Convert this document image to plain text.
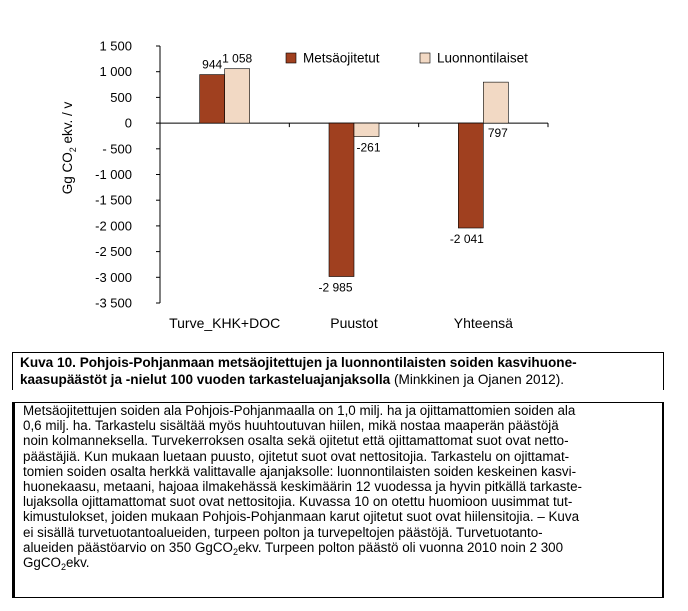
1 500
1 000
500
0
- 500
-1 000
-1 500
-2 000
-2 500
-3 000
-3 500
944 1 058
-2 985
-261
-2 041
797
Turve_KHK+DOC	Puustot	Yhteensä
Metsäojitetut	Luonnontilaiset
Gg $CO_2$ ekv. / v
Kuva 10. Pohjois-Pohjanmaan metsäojitettujen ja luonnontilaisten soiden kasvihuone-kaasupäästöt ja -nielut 100 vuoden tarkasteluajanjaksolla (Minkkinen ja Ojanen 2012).
Metsäojitettujen soiden ala Pohjois-Pohjanmaalla on 1,0 milj. ha ja ojittamattomien soiden ala
0,6 milj. ha. Tarkastelu sisältää myös huuhtoutuvan hiilen, mikä nostaa maaperän päästöjä
noin kolmanneksella. Turvekerroksen osalta sekä ojitetut että ojittamattomat suot ovat netto-
päästäjiä. Kun mukaan luetaan puusto, ojitetut suot ovat nettositojia. Tarkastelu on ojittamat-
tomien soiden osalta herkkä valittavalle ajanjaksolle: luonnontilaisten soiden keskeinen kasvi-
huonekaasu, metaani, hajoaa ilmakehässä keskimäärin 12 vuodessa ja hyvin pitkällä tarkaste-
lujaksolla ojittamattomat suot ovat nettositojia. Kuvassa 10 on otettu huomioon uusimmat tut-
kimustulokset, joiden mukaan Pohjois-Pohjanmaan karut ojitetut suot ovat hiilensitojia. – Kuva
ei sisällä turvetuotantoalueiden, turpeen polton ja turvepeltojen päästöjä. Turvetuotanto-
alueiden päästöarvio on 350 GgCO$_2$ekv. Turpeen polton päästö oli vuonna 2010 noin 2 300
GgCO$_2$ekv.
